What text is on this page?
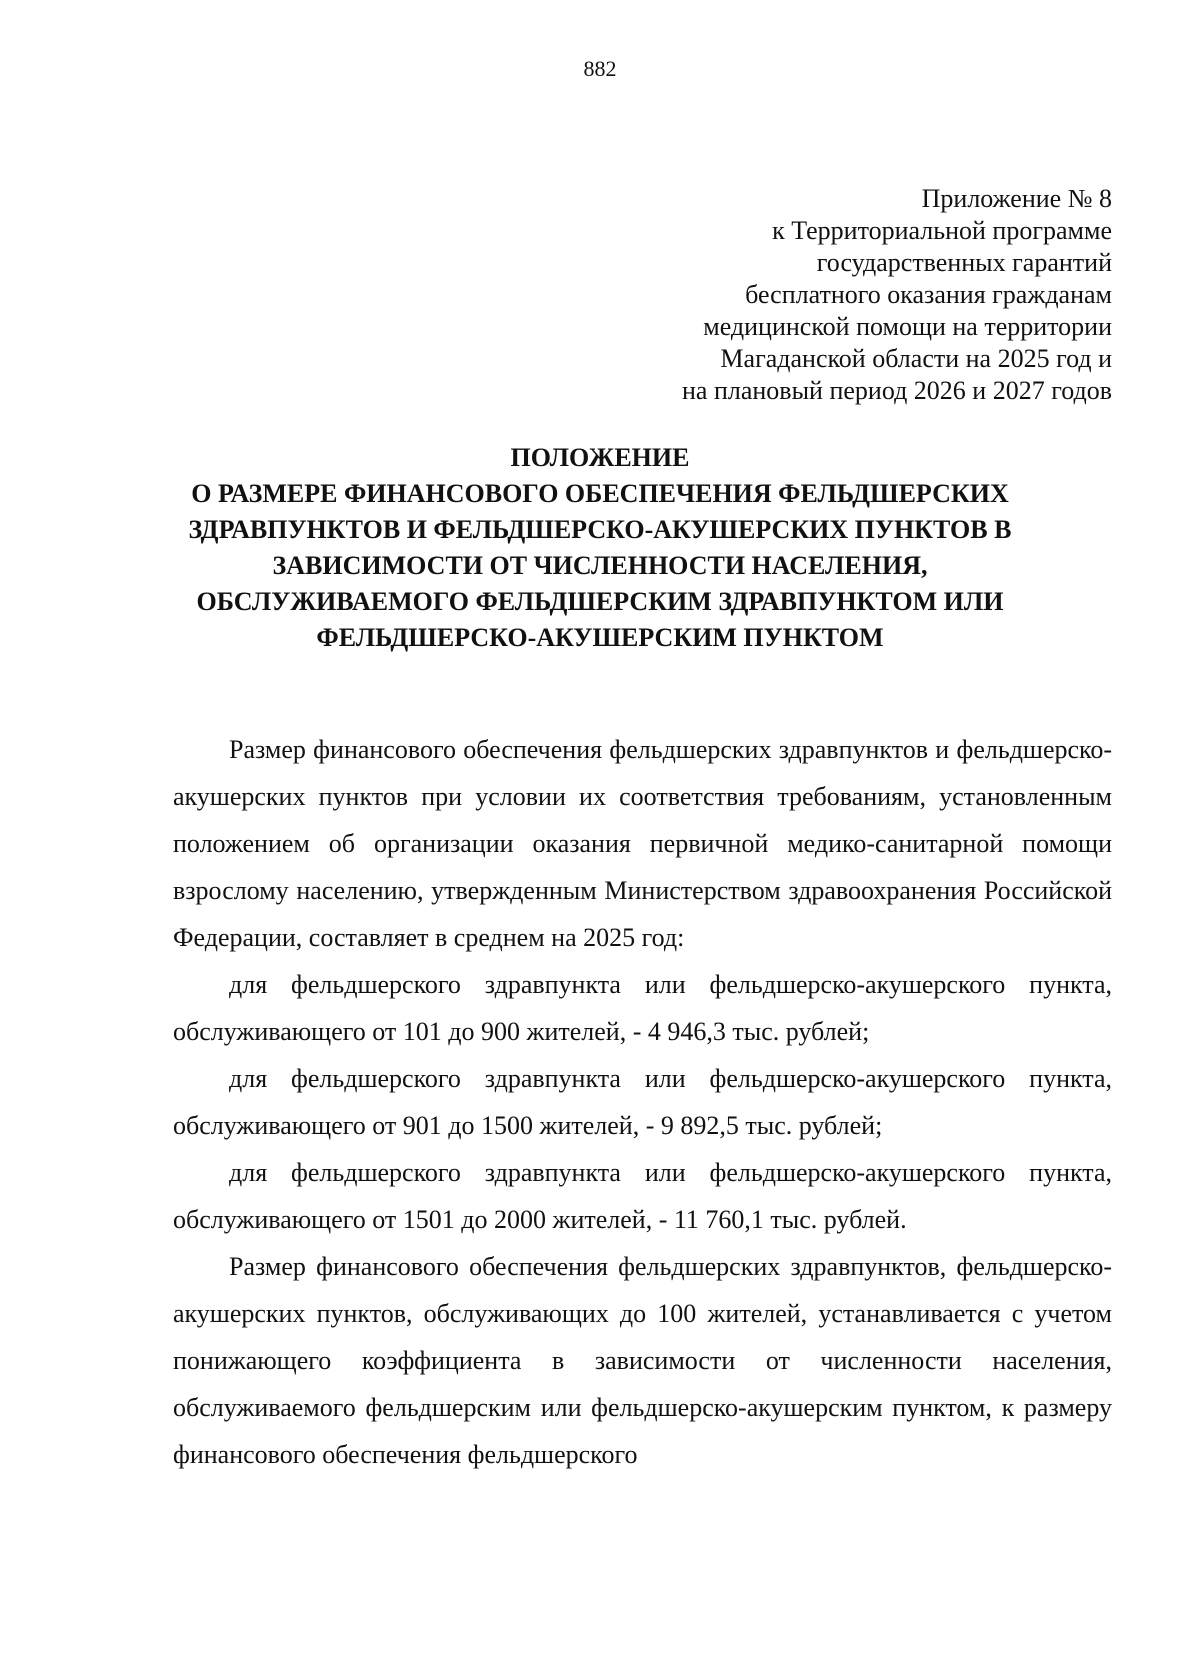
882
Приложение № 8
к Территориальной программе
государственных гарантий
бесплатного оказания гражданам
медицинской помощи на территории
Магаданской области на 2025 год и
на плановый период 2026 и 2027 годов
ПОЛОЖЕНИЕ
О РАЗМЕРЕ ФИНАНСОВОГО ОБЕСПЕЧЕНИЯ ФЕЛЬДШЕРСКИХ
ЗДРАВПУНКТОВ И ФЕЛЬДШЕРСКО-АКУШЕРСКИХ ПУНКТОВ В
ЗАВИСИМОСТИ ОТ ЧИСЛЕННОСТИ НАСЕЛЕНИЯ,
ОБСЛУЖИВАЕМОГО ФЕЛЬДШЕРСКИМ ЗДРАВПУНКТОМ ИЛИ
ФЕЛЬДШЕРСКО-АКУШЕРСКИМ ПУНКТОМ

Размер финансового обеспечения фельдшерских здравпунктов и фельдшерско-акушерских пунктов при условии их соответствия требованиям, установленным положением об организации оказания первичной медико-санитарной помощи взрослому населению, утвержденным Министерством здравоохранения Российской Федерации, составляет в среднем на 2025 год:

для фельдшерского здравпункта или фельдшерско-акушерского пункта, обслуживающего от 101 до 900 жителей, - 4 946,3 тыс. рублей;

для фельдшерского здравпункта или фельдшерско-акушерского пункта, обслуживающего от 901 до 1500 жителей, - 9 892,5 тыс. рублей;

для фельдшерского здравпункта или фельдшерско-акушерского пункта, обслуживающего от 1501 до 2000 жителей, - 11 760,1 тыс. рублей.

Размер финансового обеспечения фельдшерских здравпунктов, фельдшерско-акушерских пунктов, обслуживающих до 100 жителей, устанавливается с учетом понижающего коэффициента в зависимости от численности населения, обслуживаемого фельдшерским или фельдшерско-акушерским пунктом, к размеру финансового обеспечения фельдшерского
